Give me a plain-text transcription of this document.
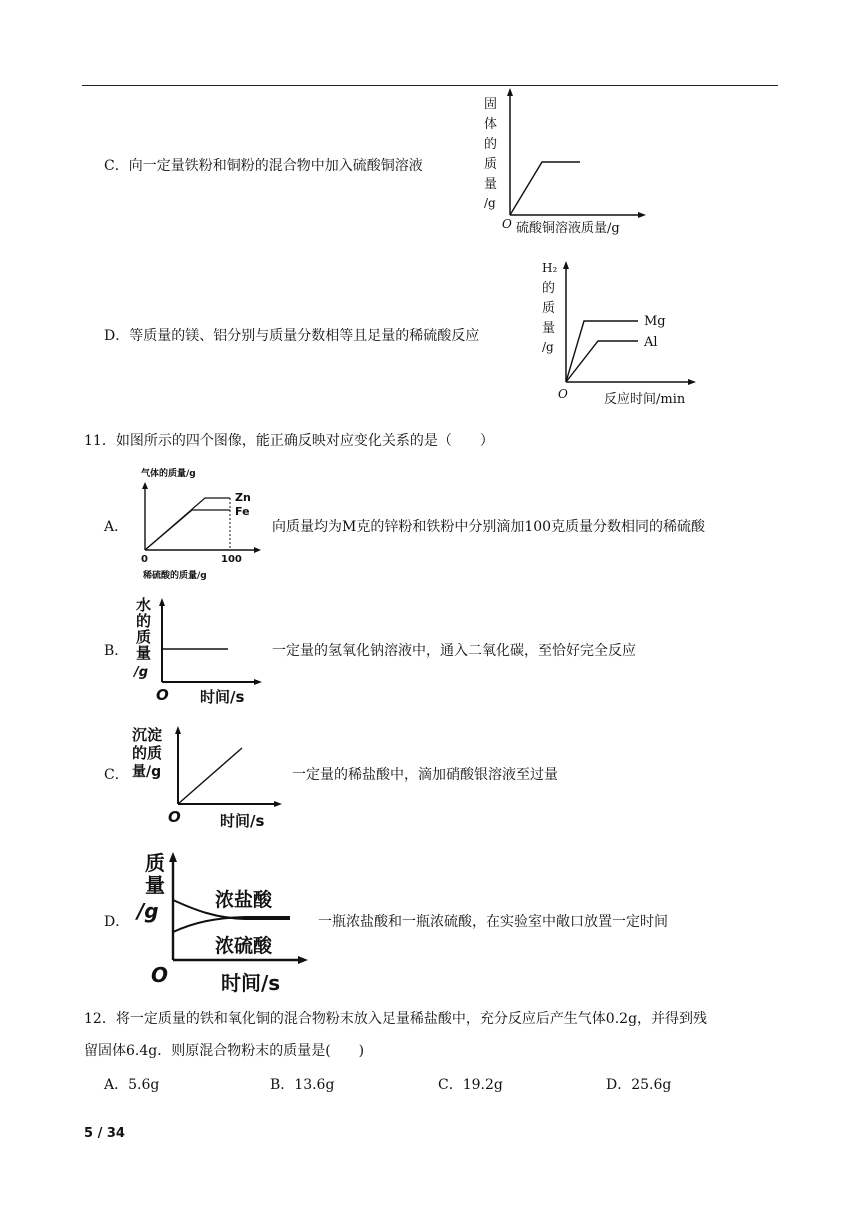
C．向一定量铁粉和铜粉的混合物中加入硫酸铜溶液
固
体
的
质
量
/g
O 硫酸铜溶液质量/g
D．等质量的镁、铝分别与质量分数相等且足量的稀硫酸反应
H₂
的
质
量
/g
Mg
Al
O	反应时间/min
11．如图所示的四个图像，能正确反映对应变化关系的是（　　）
A．
气体的质量/g
Zn
Fe
0	100
稀硫酸的质量/g
向质量均为M克的锌粉和铁粉中分别滴加100克质量分数相同的稀硫酸
B．
水
的
质
量
/g
O 时间/s
一定量的氢氧化钠溶液中，通入二氧化碳，至恰好完全反应
C．
沉淀
的质
量/g
O	时间/s
一定量的稀盐酸中，滴加硝酸银溶液至过量
D．
质
量
/g	浓盐酸
浓硫酸
O	时间/s
一瓶浓盐酸和一瓶浓硫酸，在实验室中敞口放置一定时间
12．将一定质量的铁和氧化铜的混合物粉末放入足量稀盐酸中，充分反应后产生气体0.2g，并得到残
留固体6.4g．则原混合物粉末的质量是(　　)
A．5.6g	B．13.6g	C．19.2g	D．25.6g
5 / 34
